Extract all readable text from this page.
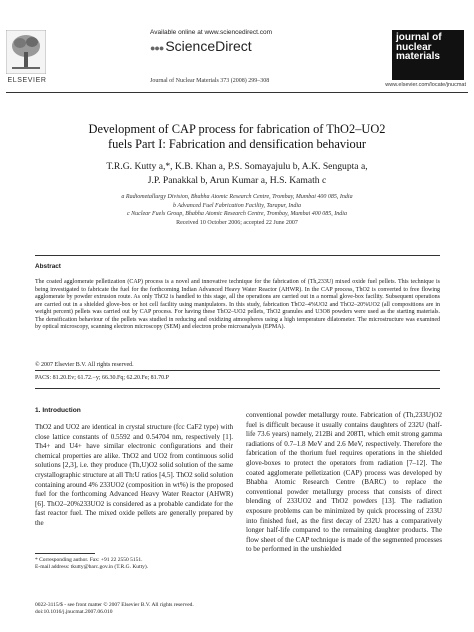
ELSEVIER
Available online at www.sciencedirect.com
●●● ScienceDirect
Journal of Nuclear Materials 373 (2008) 299–308
journal of
nuclear
materials
www.elsevier.com/locate/jnucmat
Development of CAP process for fabrication of ThO2–UO2
fuels Part I: Fabrication and densification behaviour
T.R.G. Kutty a,*, K.B. Khan a, P.S. Somayajulu b, A.K. Sengupta a,
J.P. Panakkal b, Arun Kumar a, H.S. Kamath c
a Radiometallurgy Division, Bhabha Atomic Research Centre, Trombay, Mumbai 400 085, India
b Advanced Fuel Fabrication Facility, Tarapur, India
c Nuclear Fuels Group, Bhabha Atomic Research Centre, Trombay, Mumbai 400 085, India
Received 10 October 2006; accepted 22 June 2007
Abstract
The coated agglomerate pelletization (CAP) process is a novel and innovative technique for the fabrication of (Th,233U) mixed oxide fuel pellets. This technique is being investigated to fabricate the fuel for the forthcoming Indian Advanced Heavy Water Reactor (AHWR). In the CAP process, ThO2 is converted to free flowing agglomerate by powder extrusion route. As only ThO2 is handled to this stage, all the operations are carried out in a normal glove-box facility. Subsequent operations are carried out in a shielded glove-box or hot cell facility using manipulators. In this study, fabrication ThO2–4%UO2 and ThO2–20%UO2 (all compositions are in weight percent) pellets was carried out by CAP process. For having these ThO2–UO2 pellets, ThO2 granules and U3O8 powders were used as the starting materials. The densification behaviour of the pellets was studied in reducing and oxidizing atmospheres using a high temperature dilatometer. The microstructure was examined by optical microscopy, scanning electron microscopy (SEM) and electron probe microanalysis (EPMA).
© 2007 Elsevier B.V. All rights reserved.
PACS: 81.20.Ev; 61.72.−y; 66.30.Fq; 62.20.Fe; 81.70.P
1. Introduction
ThO2 and UO2 are identical in crystal structure (fcc CaF2 type) with close lattice constants of 0.5592 and 0.54704 nm, respectively [1]. Th4+ and U4+ have similar electronic configurations and their chemical properties are alike. ThO2 and UO2 from continuous solid solutions [2,3], i.e. they produce (Th,U)O2 solid solution of the same crystallographic structure at all Th:U ratios [4,5]. ThO2 solid solution containing around 4% 233UO2 (composition in wt%) is the proposed fuel for the forthcoming Advanced Heavy Water Reactor (AHWR) [6]. ThO2–20%233UO2 is considered as a probable candidate for the fast reactor fuel. The mixed oxide pellets are generally prepared by the
conventional powder metallurgy route. Fabrication of (Th,233U)O2 fuel is difficult because it usually contains daughters of 232U (half-life 73.6 years) namely, 212Bi and 208Tl, which emit strong gamma radiations of 0.7–1.8 MeV and 2.6 MeV, respectively. Therefore the fabrication of the thorium fuel requires operations in the shielded glove-boxes to protect the operators from radiation [7–12]. The coated agglomerate pelletization (CAP) process was developed by Bhabha Atomic Research Centre (BARC) to replace the conventional powder metallurgy process that consists of direct blending of 233UO2 and ThO2 powders [13]. The radiation exposure problems can be minimized by quick processing of 233U into finished fuel, as the first decay of 232U has a comparatively longer half-life compared to the remaining daughter products. The flow sheet of the CAP technique is made of the segmented processes to be performed in the unshielded
* Corresponding author. Fax: +91 22 2550 5151.
E-mail address: tkutty@barc.gov.in (T.R.G. Kutty).
0022-3115/$ - see front matter © 2007 Elsevier B.V. All rights reserved.
doi:10.1016/j.jnucmat.2007.06.010
